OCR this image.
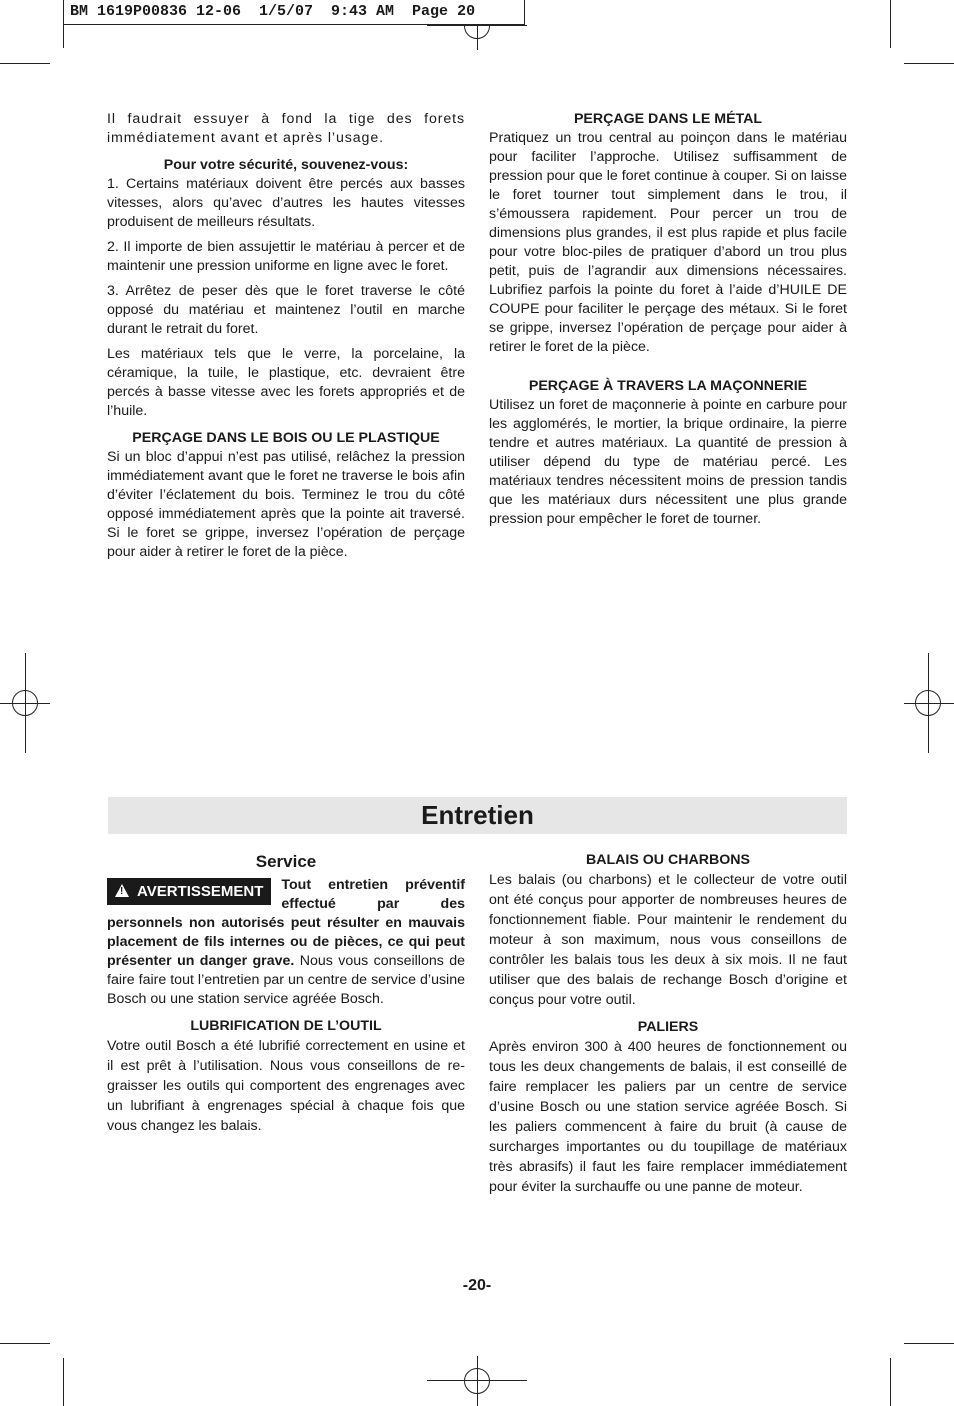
BM 1619P00836 12-06  1/5/07  9:43 AM  Page 20

Il faudrait essuyer à fond la tige des forets immédiatement avant et après l’usage.

Pour votre sécurité, souvenez-vous:

1. Certains matériaux doivent être percés aux basses vitesses, alors qu’avec d’autres les hautes vitesses produisent de meilleurs résultats.

2. Il importe de bien assujettir le matériau à percer et de maintenir une pression uniforme en ligne avec le foret.

3. Arrêtez de peser dès que le foret traverse le côté opposé du matériau et maintenez l’outil en marche durant le retrait du foret.

Les matériaux tels que le verre, la porcelaine, la céramique, la tuile, le plastique, etc. devraient être percés à basse vitesse avec les forets appropriés et de l’huile.

PERÇAGE DANS LE BOIS OU LE PLASTIQUE

Si un bloc d’appui n’est pas utilisé, relâchez la pression immédiatement avant que le foret ne traverse le bois afin d’éviter l’éclatement du bois. Terminez le trou du côté opposé immédiatement après que la pointe ait traversé. Si le foret se grippe, inversez l’opération de perçage pour aider à retirer le foret de la pièce.

PERÇAGE DANS LE MÉTAL

Pratiquez un trou central au poinçon dans le matériau pour faciliter l’approche. Utilisez suffisamment de pression pour que le foret continue à couper. Si on laisse le foret tourner tout simplement dans le trou, il s’émoussera rapidement. Pour percer un trou de dimensions plus grandes, il est plus rapide et plus facile pour votre bloc-piles de pratiquer d’abord un trou plus petit, puis de l’agrandir aux dimensions nécessaires. Lubrifiez parfois la pointe du foret à l’aide d’HUILE DE COUPE pour faciliter le perçage des métaux. Si le foret se grippe, inversez l’opération de perçage pour aider à retirer le foret de la pièce.

PERÇAGE À TRAVERS LA MAÇONNERIE

Utilisez un foret de maçonnerie à pointe en carbure pour les agglomérés, le mortier, la brique ordinaire, la pierre tendre et autres matériaux. La quantité de pression à utiliser dépend du type de matériau percé. Les matériaux tendres nécessitent moins de pression tandis que les matériaux durs nécessitent une plus grande pression pour empêcher le foret de tourner.

Entretien
Service

! AVERTISSEMENT	Tout entretien préventif effectué par des personnels non autorisés peut résulter en mauvais placement de fils internes ou de pièces, ce qui peut présenter un danger grave. Nous vous conseillons de faire faire tout l’entretien par un centre de service d’usine Bosch ou une station service agréée Bosch.

LUBRIFICATION DE L’OUTIL

Votre outil Bosch a été lubrifié correctement en usine et il est prêt à l’utilisation. Nous vous conseillons de re-graisser les outils qui comportent des engrenages avec un lubrifiant à engrenages spécial à chaque fois que vous changez les balais.

BALAIS OU CHARBONS

Les balais (ou charbons) et le collecteur de votre outil ont été conçus pour apporter de nombreuses heures de fonctionnement fiable. Pour maintenir le rendement du moteur à son maximum, nous vous conseillons de contrôler les balais tous les deux à six mois. Il ne faut utiliser que des balais de rechange Bosch d’origine et conçus pour votre outil.

PALIERS

Après environ 300 à 400 heures de fonctionnement ou tous les deux changements de balais, il est conseillé de faire remplacer les paliers par un centre de service d’usine Bosch ou une station service agréée Bosch. Si les paliers commencent à faire du bruit (à cause de surcharges importantes ou du toupillage de matériaux très abrasifs) il faut les faire remplacer immédiatement pour éviter la surchauffe ou une panne de moteur.

-20-
